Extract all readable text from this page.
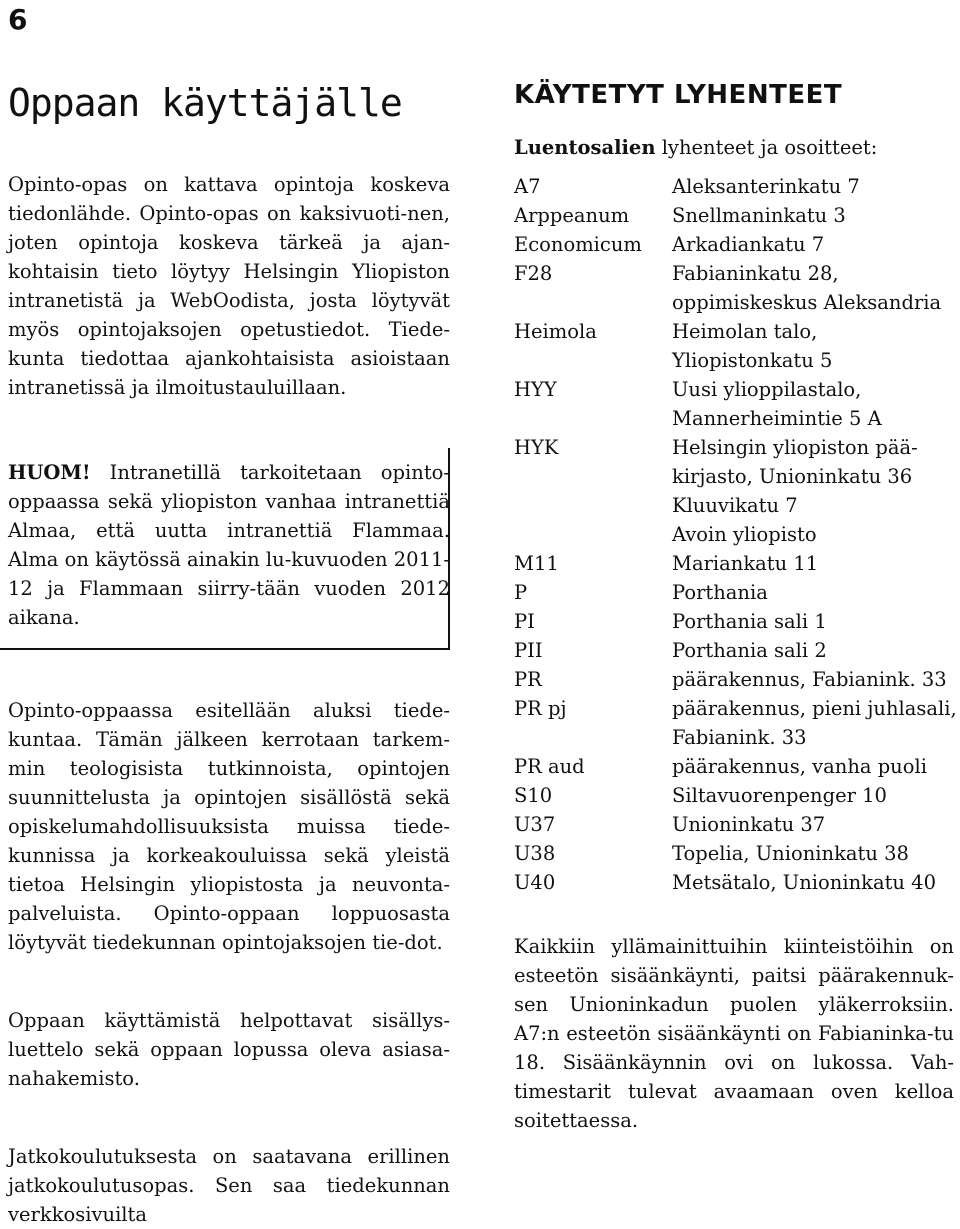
6
Oppaan käyttäjälle

Opinto-opas on kattava opintoja koskeva tiedonlähde. Opinto-opas on kaksivuoti-nen, joten opintoja koskeva tärkeä ja ajan-kohtaisin tieto löytyy Helsingin Yliopiston intranetistä ja WebOodista, josta löytyvät myös opintojaksojen opetustiedot. Tiede-kunta tiedottaa ajankohtaisista asioistaan intranetissä ja ilmoitustauluillaan.

HUOM! Intranetillä tarkoitetaan opinto-oppaassa sekä yliopiston vanhaa intranettiä Almaa, että uutta intranettiä Flammaa. Alma on käytössä ainakin lu-kuvuoden 2011-12 ja Flammaan siirry-tään vuoden 2012 aikana.

Opinto-oppaassa esitellään aluksi tiede-kuntaa. Tämän jälkeen kerrotaan tarkem-min teologisista tutkinnoista, opintojen suunnittelusta ja opintojen sisällöstä sekä opiskelumahdollisuuksista muissa tiede-kunnissa ja korkeakouluissa sekä yleistä tietoa Helsingin yliopistosta ja neuvonta-palveluista. Opinto-oppaan loppuosasta löytyvät tiedekunnan opintojaksojen tie-dot.

Oppaan käyttämistä helpottavat sisällys-luettelo sekä oppaan lopussa oleva asiasa-nahakemisto.

Jatkokoulutuksesta on saatavana erillinen jatkokoulutusopas. Sen saa tiedekunnan verkkosivuilta

KÄYTETYT LYHENTEET

Luentosalien lyhenteet ja osoitteet:

A7	Aleksanterinkatu 7
Arppeanum	Snellmaninkatu 3
Economicum	Arkadiankatu 7
F28	Fabianinkatu 28,
oppimiskeskus Aleksandria
Heimola	Heimolan talo,
Yliopistonkatu 5
HYY	Uusi ylioppilastalo,
Mannerheimintie 5 A
HYK	Helsingin yliopiston pää-
kirjasto, Unioninkatu 36
Kluuvikatu 7
Avoin yliopisto
M11	Mariankatu 11
P	Porthania
PI	Porthania sali 1
PII	Porthania sali 2
PR	päärakennus, Fabianink. 33
PR pj	päärakennus, pieni juhlasali,
Fabianink. 33
PR aud	päärakennus, vanha puoli
S10	Siltavuorenpenger 10
U37	Unioninkatu 37
U38	Topelia, Unioninkatu 38
U40	Metsätalo, Unioninkatu 40

Kaikkiin yllämainittuihin kiinteistöihin on esteetön sisäänkäynti, paitsi päärakennuk-sen Unioninkadun puolen yläkerroksiin. A7:n esteetön sisäänkäynti on Fabianinka-tu 18. Sisäänkäynnin ovi on lukossa. Vah-timestarit tulevat avaamaan oven kelloa soitettaessa.
